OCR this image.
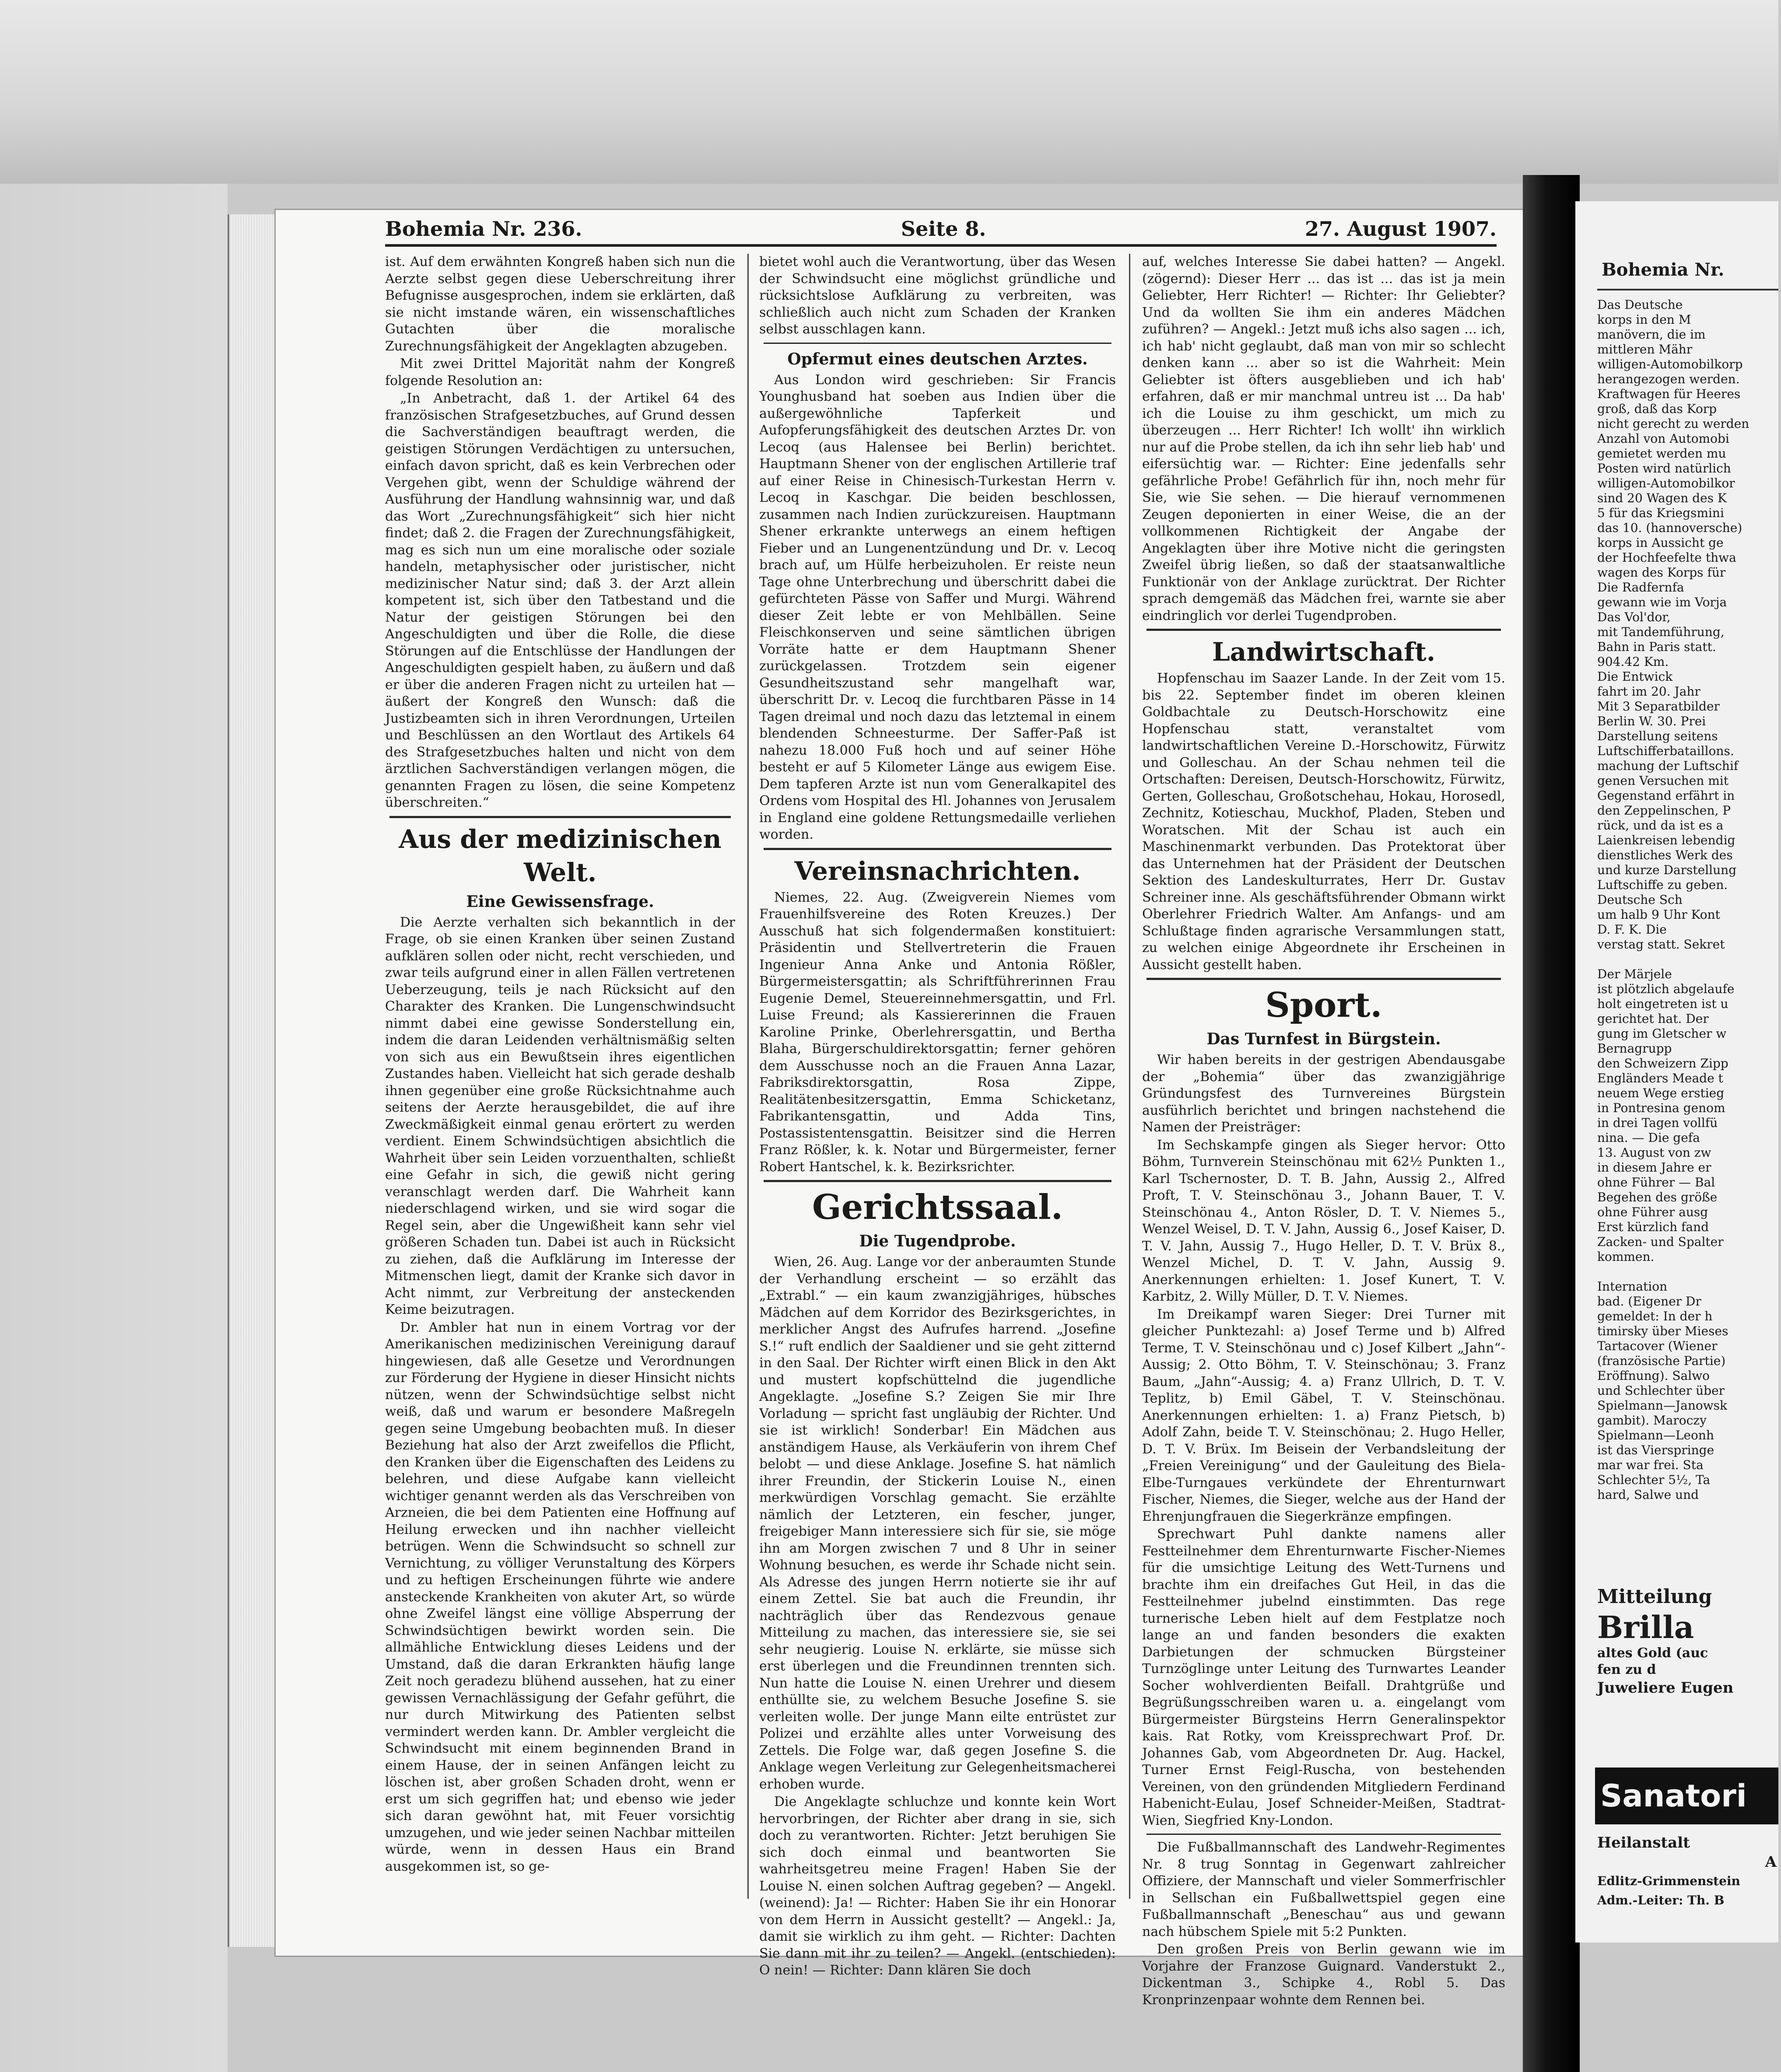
Bohemia Nr. 236.	Seite 8.	27. August 1907.

ist. Auf dem erwähnten Kongreß haben sich nun die Aerzte selbst gegen diese Ueberschreitung ihrer Befugnisse ausgesprochen, indem sie erklärten, daß sie nicht imstande wären, ein wissenschaftliches Gutachten über die moralische Zurechnungsfähigkeit der Angeklagten abzugeben.

Mit zwei Drittel Majorität nahm der Kongreß folgende Resolution an:

„In Anbetracht, daß 1. der Artikel 64 des französischen Strafgesetzbuches, auf Grund dessen die Sachverständigen beauftragt werden, die geistigen Störungen Verdächtigen zu untersuchen, einfach davon spricht, daß es kein Verbrechen oder Vergehen gibt, wenn der Schuldige während der Ausführung der Handlung wahnsinnig war, und daß das Wort „Zurechnungsfähigkeit“ sich hier nicht findet; daß 2. die Fragen der Zurechnungsfähigkeit, mag es sich nun um eine moralische oder soziale handeln, metaphysischer oder juristischer, nicht medizinischer Natur sind; daß 3. der Arzt allein kompetent ist, sich über den Tatbestand und die Natur der geistigen Störungen bei den Angeschuldigten und über die Rolle, die diese Störungen auf die Entschlüsse der Handlungen der Angeschuldigten gespielt haben, zu äußern und daß er über die anderen Fragen nicht zu urteilen hat — äußert der Kongreß den Wunsch: daß die Justizbeamten sich in ihren Verordnungen, Urteilen und Beschlüssen an den Wortlaut des Artikels 64 des Strafgesetzbuches halten und nicht von dem ärztlichen Sachverständigen verlangen mögen, die genannten Fragen zu lösen, die seine Kompetenz überschreiten.“

Aus der medizinischen Welt.
Eine Gewissensfrage.

Die Aerzte verhalten sich bekanntlich in der Frage, ob sie einen Kranken über seinen Zustand aufklären sollen oder nicht, recht verschieden, und zwar teils aufgrund einer in allen Fällen vertretenen Ueberzeugung, teils je nach Rücksicht auf den Charakter des Kranken. Die Lungenschwindsucht nimmt dabei eine gewisse Sonderstellung ein, indem die daran Leidenden verhältnismäßig selten von sich aus ein Bewußtsein ihres eigentlichen Zustandes haben. Vielleicht hat sich gerade deshalb ihnen gegenüber eine große Rücksichtnahme auch seitens der Aerzte herausgebildet, die auf ihre Zweckmäßigkeit einmal genau erörtert zu werden verdient. Einem Schwindsüchtigen absichtlich die Wahrheit über sein Leiden vorzuenthalten, schließt eine Gefahr in sich, die gewiß nicht gering veranschlagt werden darf. Die Wahrheit kann niederschlagend wirken, und sie wird sogar die Regel sein, aber die Ungewißheit kann sehr viel größeren Schaden tun. Dabei ist auch in Rücksicht zu ziehen, daß die Aufklärung im Interesse der Mitmenschen liegt, damit der Kranke sich davor in Acht nimmt, zur Verbreitung der ansteckenden Keime beizutragen.

Dr. Ambler hat nun in einem Vortrag vor der Amerikanischen medizinischen Vereinigung darauf hingewiesen, daß alle Gesetze und Verordnungen zur Förderung der Hygiene in dieser Hinsicht nichts nützen, wenn der Schwindsüchtige selbst nicht weiß, daß und warum er besondere Maßregeln gegen seine Umgebung beobachten muß. In dieser Beziehung hat also der Arzt zweifellos die Pflicht, den Kranken über die Eigenschaften des Leidens zu belehren, und diese Aufgabe kann vielleicht wichtiger genannt werden als das Verschreiben von Arzneien, die bei dem Patienten eine Hoffnung auf Heilung erwecken und ihn nachher vielleicht betrügen. Wenn die Schwindsucht so schnell zur Vernichtung, zu völliger Verunstaltung des Körpers und zu heftigen Erscheinungen führte wie andere ansteckende Krankheiten von akuter Art, so würde ohne Zweifel längst eine völlige Absperrung der Schwindsüchtigen bewirkt worden sein. Die allmähliche Entwicklung dieses Leidens und der Umstand, daß die daran Erkrankten häufig lange Zeit noch geradezu blühend aussehen, hat zu einer gewissen Vernachlässigung der Gefahr geführt, die nur durch Mitwirkung des Patienten selbst vermindert werden kann. Dr. Ambler vergleicht die Schwindsucht mit einem beginnenden Brand in einem Hause, der in seinen Anfängen leicht zu löschen ist, aber großen Schaden droht, wenn er erst um sich gegriffen hat; und ebenso wie jeder sich daran gewöhnt hat, mit Feuer vorsichtig umzugehen, und wie jeder seinen Nachbar mitteilen würde, wenn in dessen Haus ein Brand ausgekommen ist, so ge-

bietet wohl auch die Verantwortung, über das Wesen der Schwindsucht eine möglichst gründliche und rücksichtslose Aufklärung zu verbreiten, was schließlich auch nicht zum Schaden der Kranken selbst ausschlagen kann.

Opfermut eines deutschen Arztes.

Aus London wird geschrieben: Sir Francis Younghusband hat soeben aus Indien über die außergewöhnliche Tapferkeit und Aufopferungsfähigkeit des deutschen Arztes Dr. von Lecoq (aus Halensee bei Berlin) berichtet. Hauptmann Shener von der englischen Artillerie traf auf einer Reise in Chinesisch-Turkestan Herrn v. Lecoq in Kaschgar. Die beiden beschlossen, zusammen nach Indien zurückzureisen. Hauptmann Shener erkrankte unterwegs an einem heftigen Fieber und an Lungenentzündung und Dr. v. Lecoq brach auf, um Hülfe herbeizuholen. Er reiste neun Tage ohne Unterbrechung und überschritt dabei die gefürchteten Pässe von Saffer und Murgi. Während dieser Zeit lebte er von Mehlbällen. Seine Fleischkonserven und seine sämtlichen übrigen Vorräte hatte er dem Hauptmann Shener zurückgelassen. Trotzdem sein eigener Gesundheitszustand sehr mangelhaft war, überschritt Dr. v. Lecoq die furchtbaren Pässe in 14 Tagen dreimal und noch dazu das letztemal in einem blendenden Schneesturme. Der Saffer-Paß ist nahezu 18.000 Fuß hoch und auf seiner Höhe besteht er auf 5 Kilometer Länge aus ewigem Eise. Dem tapferen Arzte ist nun vom Generalkapitel des Ordens vom Hospital des Hl. Johannes von Jerusalem in England eine goldene Rettungsmedaille verliehen worden.

Vereinsnachrichten.

Niemes, 22. Aug. (Zweigverein Niemes vom Frauenhilfsvereine des Roten Kreuzes.) Der Ausschuß hat sich folgendermaßen konstituiert: Präsidentin und Stellvertreterin die Frauen Ingenieur Anna Anke und Antonia Rößler, Bürgermeistersgattin; als Schriftführerinnen Frau Eugenie Demel, Steuereinnehmersgattin, und Frl. Luise Freund; als Kassiererinnen die Frauen Karoline Prinke, Oberlehrersgattin, und Bertha Blaha, Bürgerschuldirektorsgattin; ferner gehören dem Ausschusse noch an die Frauen Anna Lazar, Fabriksdirektorsgattin, Rosa Zippe, Realitätenbesitzersgattin, Emma Schicketanz, Fabrikantensgattin, und Adda Tins, Postassistentensgattin. Beisitzer sind die Herren Franz Rößler, k. k. Notar und Bürgermeister, ferner Robert Hantschel, k. k. Bezirksrichter.

Gerichtssaal.
Die Tugendprobe.

Wien, 26. Aug. Lange vor der anberaumten Stunde der Verhandlung erscheint — so erzählt das „Extrabl.“ — ein kaum zwanzigjähriges, hübsches Mädchen auf dem Korridor des Bezirksgerichtes, in merklicher Angst des Aufrufes harrend. „Josefine S.!“ ruft endlich der Saaldiener und sie geht zitternd in den Saal. Der Richter wirft einen Blick in den Akt und mustert kopfschüttelnd die jugendliche Angeklagte. „Josefine S.? Zeigen Sie mir Ihre Vorladung — spricht fast ungläubig der Richter. Und sie ist wirklich! Sonderbar! Ein Mädchen aus anständigem Hause, als Verkäuferin von ihrem Chef belobt — und diese Anklage. Josefine S. hat nämlich ihrer Freundin, der Stickerin Louise N., einen merkwürdigen Vorschlag gemacht. Sie erzählte nämlich der Letzteren, ein fescher, junger, freigebiger Mann interessiere sich für sie, sie möge ihn am Morgen zwischen 7 und 8 Uhr in seiner Wohnung besuchen, es werde ihr Schade nicht sein. Als Adresse des jungen Herrn notierte sie ihr auf einem Zettel. Sie bat auch die Freundin, ihr nachträglich über das Rendezvous genaue Mitteilung zu machen, das interessiere sie, sie sei sehr neugierig. Louise N. erklärte, sie müsse sich erst überlegen und die Freundinnen trennten sich. Nun hatte die Louise N. einen Urehrer und diesem enthüllte sie, zu welchem Besuche Josefine S. sie verleiten wolle. Der junge Mann eilte entrüstet zur Polizei und erzählte alles unter Vorweisung des Zettels. Die Folge war, daß gegen Josefine S. die Anklage wegen Verleitung zur Gelegenheitsmacherei erhoben wurde.

Die Angeklagte schluchze und konnte kein Wort hervorbringen, der Richter aber drang in sie, sich doch zu verantworten. Richter: Jetzt beruhigen Sie sich doch einmal und beantworten Sie wahrheitsgetreu meine Fragen! Haben Sie der Louise N. einen solchen Auftrag gegeben? — Angekl. (weinend): Ja! — Richter: Haben Sie ihr ein Honorar von dem Herrn in Aussicht gestellt? — Angekl.: Ja, damit sie wirklich zu ihm geht. — Richter: Dachten Sie dann mit ihr zu teilen? — Angekl. (entschieden): O nein! — Richter: Dann klären Sie doch

auf, welches Interesse Sie dabei hatten? — Angekl. (zögernd): Dieser Herr ... das ist ... das ist ja mein Geliebter, Herr Richter! — Richter: Ihr Geliebter? Und da wollten Sie ihm ein anderes Mädchen zuführen? — Angekl.: Jetzt muß ichs also sagen ... ich, ich hab' nicht geglaubt, daß man von mir so schlecht denken kann ... aber so ist die Wahrheit: Mein Geliebter ist öfters ausgeblieben und ich hab' erfahren, daß er mir manchmal untreu ist ... Da hab' ich die Louise zu ihm geschickt, um mich zu überzeugen ... Herr Richter! Ich wollt' ihn wirklich nur auf die Probe stellen, da ich ihn sehr lieb hab' und eifersüchtig war. — Richter: Eine jedenfalls sehr gefährliche Probe! Gefährlich für ihn, noch mehr für Sie, wie Sie sehen. — Die hierauf vernommenen Zeugen deponierten in einer Weise, die an der vollkommenen Richtigkeit der Angabe der Angeklagten über ihre Motive nicht die geringsten Zweifel übrig ließen, so daß der staatsanwaltliche Funktionär von der Anklage zurücktrat. Der Richter sprach demgemäß das Mädchen frei, warnte sie aber eindringlich vor derlei Tugendproben.

Landwirtschaft.

Hopfenschau im Saazer Lande. In der Zeit vom 15. bis 22. September findet im oberen kleinen Goldbachtale zu Deutsch-Horschowitz eine Hopfenschau statt, veranstaltet vom landwirtschaftlichen Vereine D.-Horschowitz, Fürwitz und Golleschau. An der Schau nehmen teil die Ortschaften: Dereisen, Deutsch-Horschowitz, Fürwitz, Gerten, Golleschau, Großotschehau, Hokau, Horosedl, Zechnitz, Kotieschau, Muckhof, Pladen, Steben und Woratschen. Mit der Schau ist auch ein Maschinenmarkt verbunden. Das Protektorat über das Unternehmen hat der Präsident der Deutschen Sektion des Landeskulturrates, Herr Dr. Gustav Schreiner inne. Als geschäftsführender Obmann wirkt Oberlehrer Friedrich Walter. Am Anfangs- und am Schlußtage finden agrarische Versammlungen statt, zu welchen einige Abgeordnete ihr Erscheinen in Aussicht gestellt haben.

Sport.
Das Turnfest in Bürgstein.

Wir haben bereits in der gestrigen Abendausgabe der „Bohemia“ über das zwanzigjährige Gründungsfest des Turnvereines Bürgstein ausführlich berichtet und bringen nachstehend die Namen der Preisträger:

Im Sechskampfe gingen als Sieger hervor: Otto Böhm, Turnverein Steinschönau mit 62½ Punkten 1., Karl Tschernoster, D. T. B. Jahn, Aussig 2., Alfred Proft, T. V. Steinschönau 3., Johann Bauer, T. V. Steinschönau 4., Anton Rösler, D. T. V. Niemes 5., Wenzel Weisel, D. T. V. Jahn, Aussig 6., Josef Kaiser, D. T. V. Jahn, Aussig 7., Hugo Heller, D. T. V. Brüx 8., Wenzel Michel, D. T. V. Jahn, Aussig 9. Anerkennungen erhielten: 1. Josef Kunert, T. V. Karbitz, 2. Willy Müller, D. T. V. Niemes.

Im Dreikampf waren Sieger: Drei Turner mit gleicher Punktezahl: a) Josef Terme und b) Alfred Terme, T. V. Steinschönau und c) Josef Kilbert „Jahn“-Aussig; 2. Otto Böhm, T. V. Steinschönau; 3. Franz Baum, „Jahn“-Aussig; 4. a) Franz Ullrich, D. T. V. Teplitz, b) Emil Gäbel, T. V. Steinschönau. Anerkennungen erhielten: 1. a) Franz Pietsch, b) Adolf Zahn, beide T. V. Steinschönau; 2. Hugo Heller, D. T. V. Brüx. Im Beisein der Verbandsleitung der „Freien Vereinigung“ und der Gauleitung des Biela-Elbe-Turngaues verkündete der Ehrenturnwart Fischer, Niemes, die Sieger, welche aus der Hand der Ehrenjungfrauen die Siegerkränze empfingen.

Sprechwart Puhl dankte namens aller Festteilnehmer dem Ehrenturnwarte Fischer-Niemes für die umsichtige Leitung des Wett-Turnens und brachte ihm ein dreifaches Gut Heil, in das die Festteilnehmer jubelnd einstimmten. Das rege turnerische Leben hielt auf dem Festplatze noch lange an und fanden besonders die exakten Darbietungen der schmucken Bürgsteiner Turnzöglinge unter Leitung des Turnwartes Leander Socher wohlverdienten Beifall. Drahtgrüße und Begrüßungsschreiben waren u. a. eingelangt vom Bürgermeister Bürgsteins Herrn Generalinspektor kais. Rat Rotky, vom Kreissprechwart Prof. Dr. Johannes Gab, vom Abgeordneten Dr. Aug. Hackel, Turner Ernst Feigl-Ruscha, von bestehenden Vereinen, von den gründenden Mitgliedern Ferdinand Habenicht-Eulau, Josef Schneider-Meißen, Stadtrat-Wien, Siegfried Kny-London.

Die Fußballmannschaft des Landwehr-Regimentes Nr. 8 trug Sonntag in Gegenwart zahlreicher Offiziere, der Mannschaft und vieler Sommerfrischler in Sellschan ein Fußballwettspiel gegen eine Fußballmannschaft „Beneschau“ aus und gewann nach hübschem Spiele mit 5:2 Punkten.

Den großen Preis von Berlin gewann wie im Vorjahre der Franzose Guignard. Vanderstukt 2., Dickentman 3., Schipke 4., Robl 5. Das Kronprinzenpaar wohnte dem Rennen bei.

Bohemia Nr.
Das Deutsche
korps in den M
manövern, die im
mittleren Mähr
willigen-Automobilkorp
herangezogen werden.
Kraftwagen für Heeres
groß, daß das Korp
nicht gerecht zu werden
Anzahl von Automobi
gemietet werden mu
Posten wird natürlich
willigen-Automobilkor
sind 20 Wagen des K
5 für das Kriegsmini
das 10. (hannoversche)
korps in Aussicht ge
der Hochfeefelte thwa
wagen des Korps für
Die Radfernfa
gewann wie im Vorja
Das Vol'dor,
mit Tandemführung,
Bahn in Paris statt.
904.42 Km.
Die Entwick
fahrt im 20. Jahr
Mit 3 Separatbilder
Berlin W. 30. Prei
Darstellung seitens
Luftschifferbataillons.
machung der Luftschif
genen Versuchen mit
Gegenstand erfährt in
den Zeppelinschen, P
rück, und da ist es a
Laienkreisen lebendig
dienstliches Werk des
und kurze Darstellung
Luftschiffe zu geben.
Deutsche Sch
um halb 9 Uhr Kont
D. F. K. Die
verstag statt. Sekret

Der Märjele
ist plötzlich abgelaufe
holt eingetreten ist u
gerichtet hat. Der
gung im Gletscher w
Bernagrupp
den Schweizern Zipp
Engländers Meade t
neuem Wege erstieg
in Pontresina genom
in drei Tagen vollfü
nina. — Die gefa
13. August von zw
in diesem Jahre er
ohne Führer — Bal
Begehen des größe
ohne Führer ausg
Erst kürzlich fand
Zacken- und Spalter
kommen.

Internation
bad. (Eigener Dr
gemeldet: In der h
timirsky über Mieses
Tartacover (Wiener
(französische Partie)
Eröffnung). Salwo
und Schlechter über
Spielmann—Janowsk
gambit). Maroczy
Spielmann—Leonh
ist das Vierspringe
mar war frei. Sta
Schlechter 5½, Ta
hard, Salwe und
Mitteilung
Brilla
altes Gold (auc
fen zu d
Juweliere Eugen
Sanatori
Heilanstalt
A
Edlitz-Grimmenstein
Adm.-Leiter: Th. B
